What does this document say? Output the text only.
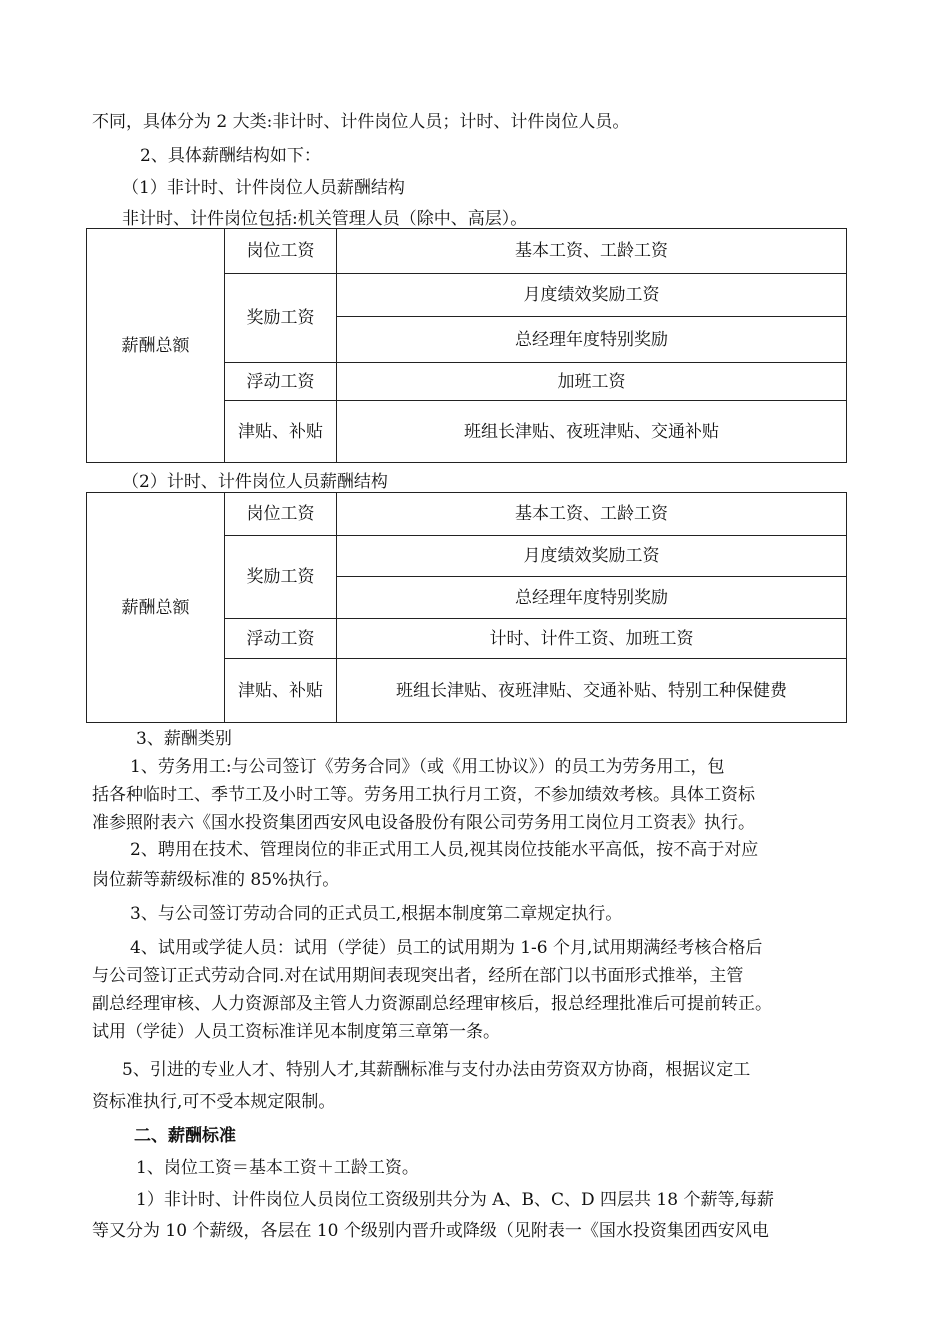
不同，具体分为 2 大类:非计时、计件岗位人员；计时、计件岗位人员。
2、具体薪酬结构如下：
（1）非计时、计件岗位人员薪酬结构
非计时、计件岗位包括:机关管理人员（除中、高层）。
薪酬总额	岗位工资	基本工资、工龄工资
	奖励工资	月度绩效奖励工资
		总经理年度特别奖励
	浮动工资	加班工资
	津贴、补贴	班组长津贴、夜班津贴、交通补贴
（2）计时、计件岗位人员薪酬结构
薪酬总额	岗位工资	基本工资、工龄工资
	奖励工资	月度绩效奖励工资
		总经理年度特别奖励
	浮动工资	计时、计件工资、加班工资
	津贴、补贴	班组长津贴、夜班津贴、交通补贴、特别工种保健费
3、薪酬类别
1、劳务用工:与公司签订《劳务合同》（或《用工协议》）的员工为劳务用工，包
括各种临时工、季节工及小时工等。劳务用工执行月工资，不参加绩效考核。具体工资标
准参照附表六《国水投资集团西安风电设备股份有限公司劳务用工岗位月工资表》执行。
2、聘用在技术、管理岗位的非正式用工人员,视其岗位技能水平高低，按不高于对应
岗位薪等薪级标准的 85%执行。
3、与公司签订劳动合同的正式员工,根据本制度第二章规定执行。
4、试用或学徒人员：试用（学徒）员工的试用期为 1-6 个月,试用期满经考核合格后
与公司签订正式劳动合同.对在试用期间表现突出者，经所在部门以书面形式推举，主管
副总经理审核、人力资源部及主管人力资源副总经理审核后，报总经理批准后可提前转正。
试用（学徒）人员工资标准详见本制度第三章第一条。
5、引进的专业人才、特别人才,其薪酬标准与支付办法由劳资双方协商，根据议定工
资标准执行,可不受本规定限制。
二、薪酬标准
1、岗位工资＝基本工资＋工龄工资。
1）非计时、计件岗位人员岗位工资级别共分为 A、B、C、D 四层共 18 个薪等,每薪
等又分为 10 个薪级，各层在 10 个级别内晋升或降级（见附表一《国水投资集团西安风电
